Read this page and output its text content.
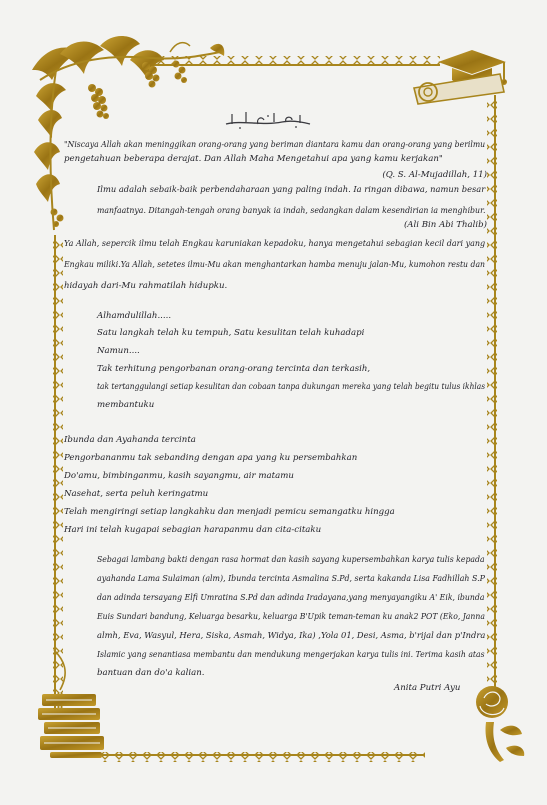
"Niscaya Allah akan meninggikan orang-orang yang beriman diantara kamu dan orang-orang yang berilmu
pengetahuan beberapa derajat. Dan Allah Maha Mengetahui apa yang kamu kerjakan"
(Q. S. Al-Mujadillah, 11)
Ilmu adalah sebaik-baik perbendaharaan yang paling indah. Ia ringan dibawa, namun besar
manfaatnya. Ditangah-tengah orang banyak ia indah, sedangkan dalam kesendirian ia menghibur.
(Ali Bin Abi Thalib)
Ya Allah, sepercik ilmu telah Engkau karuniakan kepadoku, hanya mengetahui sebagian kecil dari yang
Engkau miliki.Ya Allah, setetes ilmu-Mu akan menghantarkan hamba menuju jalan-Mu, kumohon restu dan
hidayah dari-Mu rahmatilah hidupku.
Alhamdulillah.....
Satu langkah telah ku tempuh, Satu kesulitan telah kuhadapi
Namun....
Tak terhitung pengorbanan orang-orang tercinta dan terkasih,
tak tertanggulangi setiap kesulitan dan cobaan tanpa dukungan mereka yang telah begitu tulus ikhlas
membantuku
Ibunda dan Ayahanda tercinta
Pengorbananmu tak sebanding dengan apa yang ku persembahkan
Do'amu, bimbinganmu, kasih sayangmu, air matamu
Nasehat, serta peluh keringatmu
Telah mengiringi setiap langkahku dan menjadi pemicu semangatku hingga
Hari ini telah kugapai sebagian harapanmu dan cita-citaku
Sebagai lambang bakti dengan rasa hormat dan kasih sayang kupersembahkan karya tulis kepada
ayahanda Lama Sulaiman (alm), Ibunda tercinta Asmalina S.Pd, serta kakanda Lisa Fadhillah S.P
dan adinda tersayang Elfi Umratina S.Pd dan adinda Iradayana,yang menyayangiku A' Eik, ibunda
Euis Sundari bandung, Keluarga besarku, keluarga B'Upik teman-teman ku anak2 POT (Eko, Janna
almh, Eva, Wasyul, Hera, Siska, Asmah, Widya, Ika) ,Yola 01, Desi, Asma, b'rijal dan p'Indra
Islamic yang senantiasa membantu dan mendukung mengerjakan karya tulis ini. Terima kasih atas
bantuan dan do'a kalian.
Anita Putri Ayu
